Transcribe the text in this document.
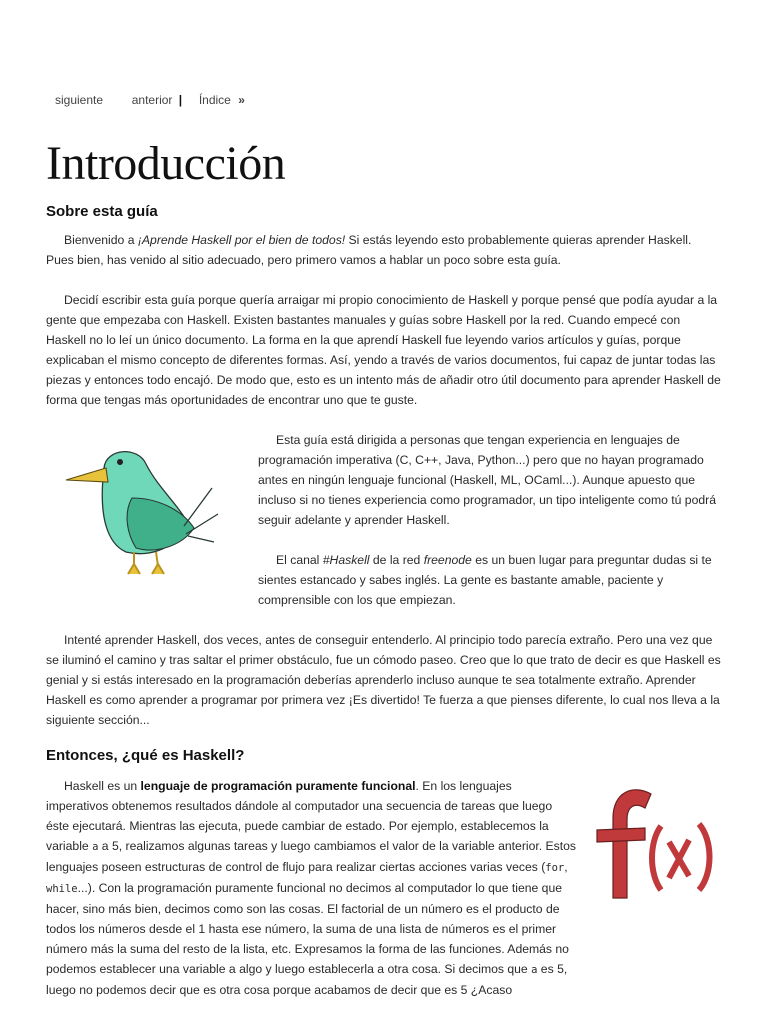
siguiente anterior | Índice »
Introducción
Sobre esta guía

Bienvenido a ¡Aprende Haskell por el bien de todos! Si estás leyendo esto probablemente quieras aprender Haskell. Pues bien, has venido al sitio adecuado, pero primero vamos a hablar un poco sobre esta guía.

Decidí escribir esta guía porque quería arraigar mi propio conocimiento de Haskell y porque pensé que podía ayudar a la gente que empezaba con Haskell. Existen bastantes manuales y guías sobre Haskell por la red. Cuando empecé con Haskell no lo leí un único documento. La forma en la que aprendí Haskell fue leyendo varios artículos y guías, porque explicaban el mismo concepto de diferentes formas. Así, yendo a través de varios documentos, fui capaz de juntar todas las piezas y entonces todo encajó. De modo que, esto es un intento más de añadir otro útil documento para aprender Haskell de forma que tengas más oportunidades de encontrar uno que te guste.

Esta guía está dirigida a personas que tengan experiencia en lenguajes de programación imperativa (C, C++, Java, Python...) pero que no hayan programado antes en ningún lenguaje funcional (Haskell, ML, OCaml...). Aunque apuesto que incluso si no tienes experiencia como programador, un tipo inteligente como tú podrá seguir adelante y aprender Haskell.

El canal #Haskell de la red freenode es un buen lugar para preguntar dudas si te sientes estancado y sabes inglés. La gente es bastante amable, paciente y comprensible con los que empiezan.

Intenté aprender Haskell, dos veces, antes de conseguir entenderlo. Al principio todo parecía extraño. Pero una vez que se iluminó el camino y tras saltar el primer obstáculo, fue un cómodo paseo. Creo que lo que trato de decir es que Haskell es genial y si estás interesado en la programación deberías aprenderlo incluso aunque te sea totalmente extraño. Aprender Haskell es como aprender a programar por primera vez ¡Es divertido! Te fuerza a que pienses diferente, lo cual nos lleva a la siguiente sección...

Entonces, ¿qué es Haskell?

Haskell es un lenguaje de programación puramente funcional. En los lenguajes imperativos obtenemos resultados dándole al computador una secuencia de tareas que luego éste ejecutará. Mientras las ejecuta, puede cambiar de estado. Por ejemplo, establecemos la variable a a 5, realizamos algunas tareas y luego cambiamos el valor de la variable anterior. Estos lenguajes poseen estructuras de control de flujo para realizar ciertas acciones varias veces (for, while...). Con la programación puramente funcional no decimos al computador lo que tiene que hacer, sino más bien, decimos como son las cosas. El factorial de un número es el producto de todos los números desde el 1 hasta ese número, la suma de una lista de números es el primer número más la suma del resto de la lista, etc. Expresamos la forma de las funciones. Además no podemos establecer una variable a algo y luego establecerla a otra cosa. Si decimos que a es 5, luego no podemos decir que es otra cosa porque acabamos de decir que es 5 ¿Acaso
